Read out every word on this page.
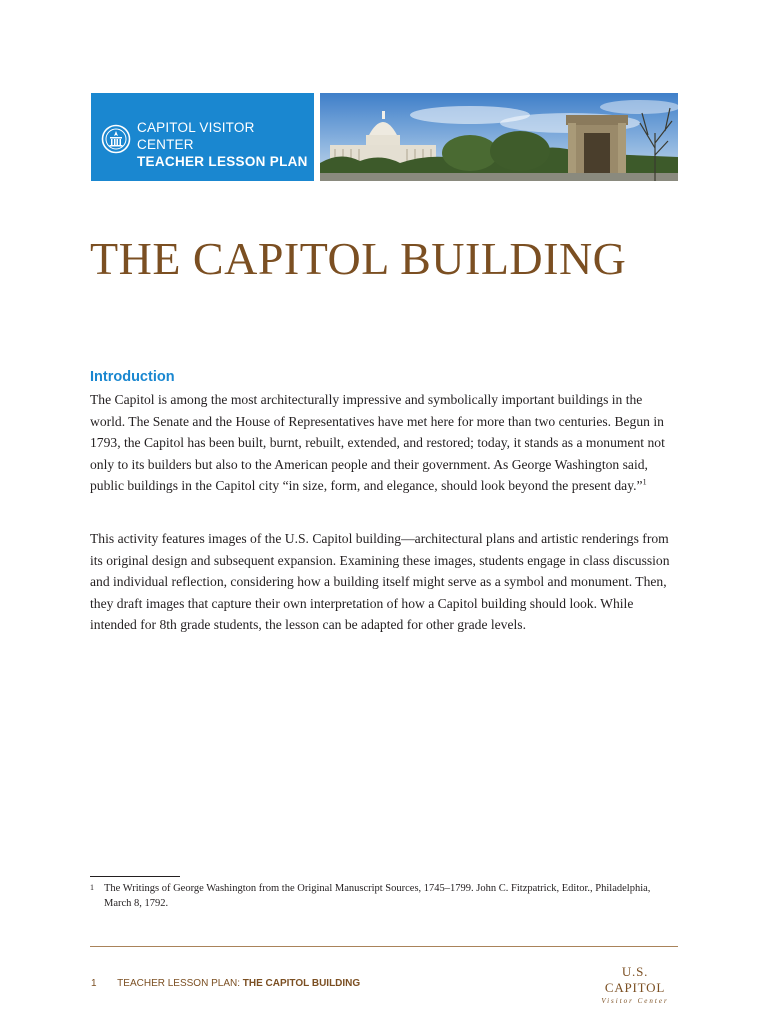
CAPITOL VISITOR CENTER
TEACHER LESSON PLAN
THE CAPITOL BUILDING
Introduction

The Capitol is among the most architecturally impressive and symbolically important buildings in the world. The Senate and the House of Representatives have met here for more than two centuries. Begun in 1793, the Capitol has been built, burnt, rebuilt, extended, and restored; today, it stands as a monument not only to its builders but also to the American people and their government. As George Washington said, public buildings in the Capitol city “in size, form, and elegance, should look beyond the present day.”$^1$

This activity features images of the U.S. Capitol building—architectural plans and artistic renderings from its original design and subsequent expansion. Examining these images, students engage in class discussion and individual reflection, considering how a building itself might serve as a symbol and monument. Then, they draft images that capture their own interpretation of how a Capitol building should look. While intended for 8th grade students, the lesson can be adapted for other grade levels.

1 The Writings of George Washington from the Original Manuscript Sources, 1745–1799. John C. Fitzpatrick, Editor., Philadelphia, March 8, 1792.
1 TEACHER LESSON PLAN: THE CAPITOL BUILDING
U.S. CAPITOL
Visitor Center
